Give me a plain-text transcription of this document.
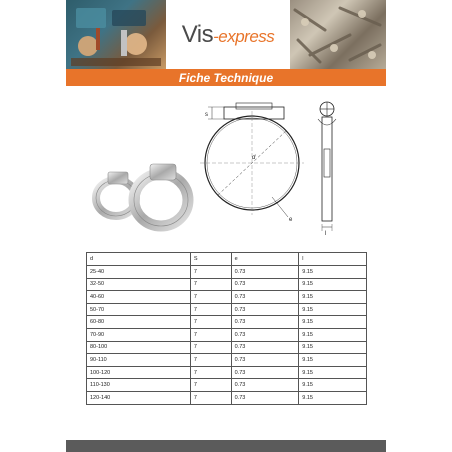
Vis-express
Fiche Technique
s
d
e
l
d	S	e	l
25-40	7	0.73	9.15
32-50	7	0.73	9.15
40-60	7	0.73	9.15
50-70	7	0.73	9.15
60-80	7	0.73	9.15
70-90	7	0.73	9.15
80-100	7	0.73	9.15
90-110	7	0.73	9.15
100-120	7	0.73	9.15
110-130	7	0.73	9.15
120-140	7	0.73	9.15
